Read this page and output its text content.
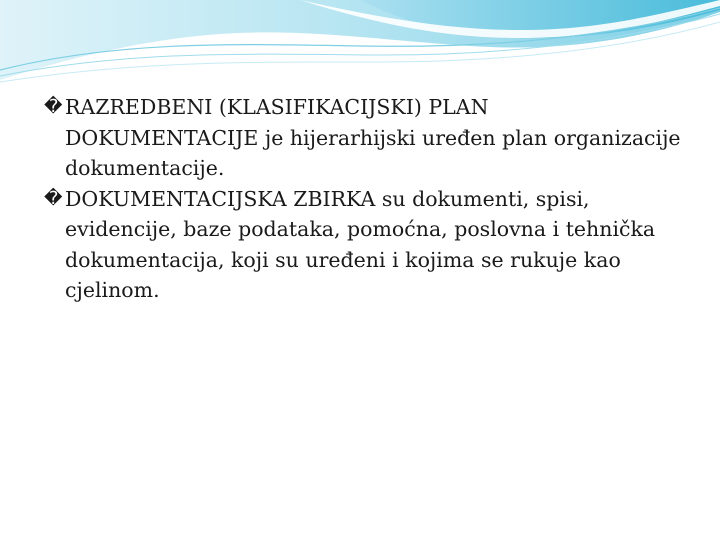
� RAZREDBENI (KLASIFIKACIJSKI) PLAN DOKUMENTACIJE je hijerarhijski uređen plan organizacije dokumentacije.

� DOKUMENTACIJSKA ZBIRKA su dokumenti, spisi, evidencije, baze podataka, pomoćna, poslovna i tehnička dokumentacija, koji su uređeni i kojima se rukuje kao cjelinom.
